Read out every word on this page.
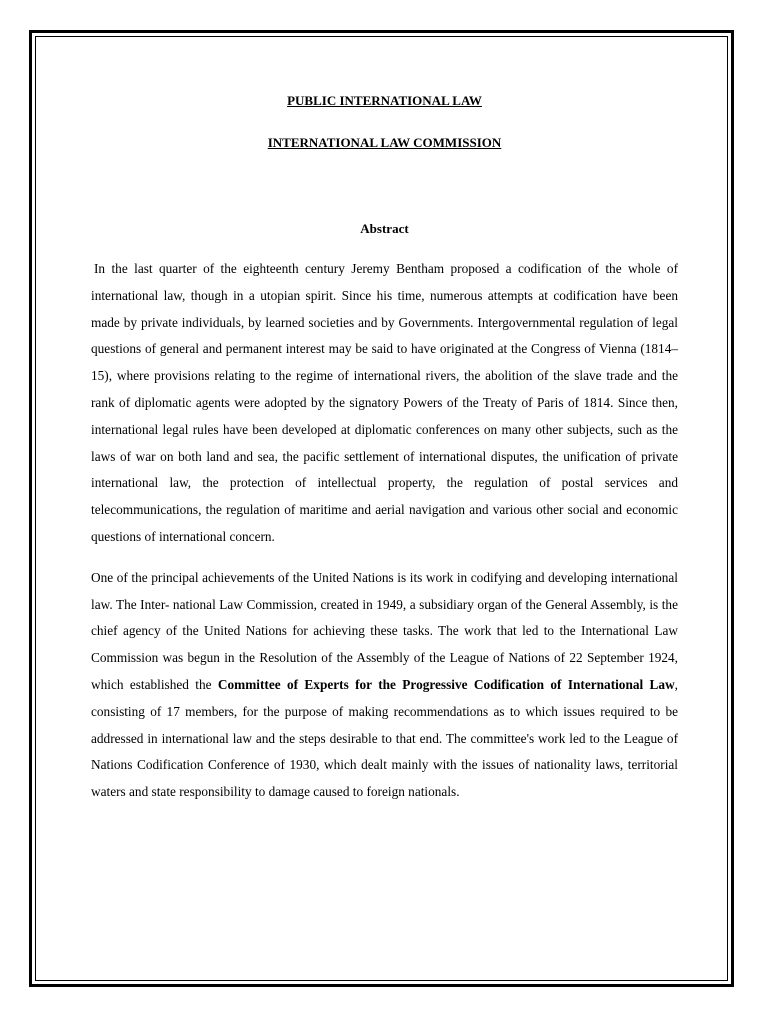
PUBLIC INTERNATIONAL LAW

INTERNATIONAL LAW COMMISSION

Abstract

In the last quarter of the eighteenth century Jeremy Bentham proposed a codification of the whole of international law, though in a utopian spirit. Since his time, numerous attempts at codification have been made by private individuals, by learned societies and by Governments. Intergovernmental regulation of legal questions of general and permanent interest may be said to have originated at the Congress of Vienna (1814–15), where provisions relating to the regime of international rivers, the abolition of the slave trade and the rank of diplomatic agents were adopted by the signatory Powers of the Treaty of Paris of 1814. Since then, international legal rules have been developed at diplomatic conferences on many other subjects, such as the laws of war on both land and sea, the pacific settlement of international disputes, the unification of private international law, the protection of intellectual property, the regulation of postal services and telecommunications, the regulation of maritime and aerial navigation and various other social and economic questions of international concern.

One of the principal achievements of the United Nations is its work in codifying and developing international law. The Inter- national Law Commission, created in 1949, a subsidiary organ of the General Assembly, is the chief agency of the United Nations for achieving these tasks. The work that led to the International Law Commission was begun in the Resolution of the Assembly of the League of Nations of 22 September 1924, which established the Committee of Experts for the Progressive Codification of International Law, consisting of 17 members, for the purpose of making recommendations as to which issues required to be addressed in international law and the steps desirable to that end. The committee's work led to the League of Nations Codification Conference of 1930, which dealt mainly with the issues of nationality laws, territorial waters and state responsibility to damage caused to foreign nationals.
